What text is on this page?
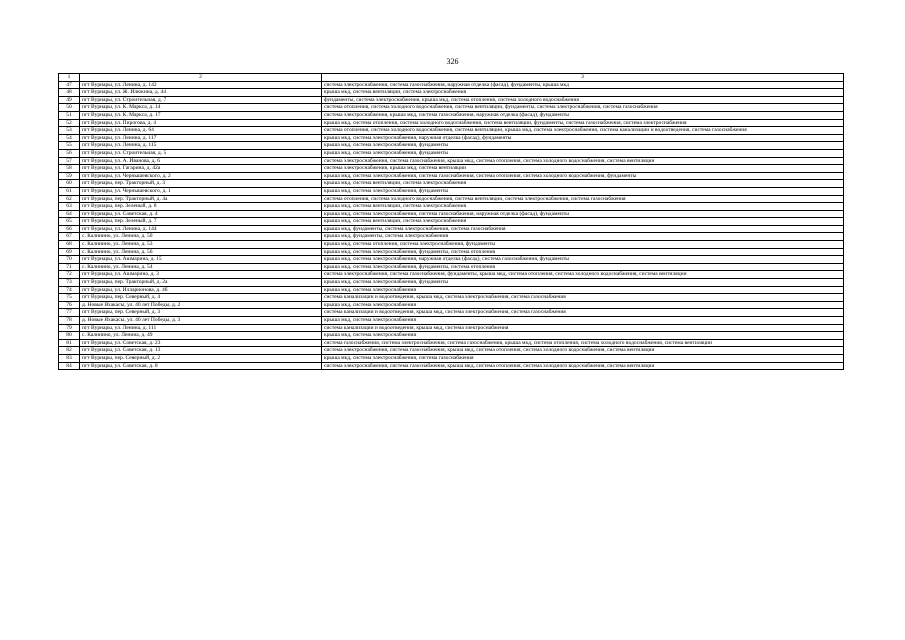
326
1	2	3
47	пгт Вурнары, ул. Ленина, д. 142	система электроснабжения, система газоснабжения, наружная отделка (фасад), фундаменты, крыша мкд
48	пгт Вурнары, ул. Ж. Илюкина, д. 44	крыша мкд, система вентиляции, система электроснабжения
49	пгт Вурнары, ул. Строительная, д. 7	фундаменты, система электроснабжения, крыша мкд, система отопления, система холодного водоснабжения
50	пгт Вурнары, ул. К. Маркса, д. 14	система отопления, система холодного водоснабжения, система вентиляции, фундаменты, система электроснабжения, система газоснабжения
51	пгт Вурнары, ул. К. Маркса, д. 17	система электроснабжения, крыша мкд, система газоснабжения, наружная отделка (фасад), фундаменты
52	пгт Вурнары, ул. Пирогова, д. 4	крыша мкд, система отопления, система холодного водоснабжения, система вентиляции, фундаменты, система газоснабжения, система электроснабжения
53	пгт Вурнары, ул. Ленина, д. 64	система отопления, система холодного водоснабжения, система вентиляции, крыша мкд, система электроснабжения, система канализации и водоотведения, система газоснабжения
54	пгт Вурнары, ул. Ленина, д. 117	крыша мкд, система электроснабжения, наружная отделка (фасад), фундаменты
55	пгт Вурнары, ул. Ленина, д. 115	крыша мкд, система электроснабжения, фундаменты
56	пгт Вурнары, ул. Строительная, д. 5	крыша мкд, система электроснабжения, фундаменты
57	пгт Вурнары, ул. А. Иванова, д. 6	система электроснабжения, система газоснабжения, крыша мкд, система отопления, система холодного водоснабжения, система вентиляции
58	пгт Вурнары, ул. Гагарина, д. 42а	система электроснабжения, крыша мкд, система вентиляции
59	пгт Вурнары, ул. Чернышевского, д. 2	крыша мкд, система электроснабжения, система газоснабжения, система отопления, система холодного водоснабжения, фундаменты
60	пгт Вурнары, пер. Тракторный, д. 3	крыша мкд, система вентиляции, система электроснабжения
61	пгт Вурнары, ул. Чернышевского, д. 1	крыша мкд, система электроснабжения, фундаменты
62	пгт Вурнары, пер. Тракторный, д. 4а	система отопления, система холодного водоснабжения, система вентиляции, система электроснабжения, система газоснабжения
63	пгт Вурнары, пер. Зеленый, д. 8	крыша мкд, система вентиляции, система электроснабжения
64	пгт Вурнары, ул. Советская, д. 4	крыша мкд, система электроснабжения, система газоснабжения, наружная отделка (фасад), фундаменты
65	пгт Вурнары, пер. Зеленый, д. 7	крыша мкд, система вентиляции, система электроснабжения
66	пгт Вурнары, ул. Ленина, д. 144	крыша мкд, фундаменты, система электроснабжения, система газоснабжения
67	с. Калинино, ул. Ленина, д. 50	крыша мкд, фундаменты, система электроснабжения
68	с. Калинино, ул. Ленина, д. 53	крыша мкд, система отопления, система электроснабжения, фундаменты
69	с. Калинино, ул. Ленина, д. 56	крыша мкд, система электроснабжения, фундаменты, система отопления
70	пгт Вурнары, ул. Ашмарина, д. 15	крыша мкд, система электроснабжения, наружная отделка (фасад), система газоснабжения, фундаменты
71	с. Калинино, ул. Ленина, д. 54	крыша мкд, система электроснабжения, фундаменты, система отопления
72	пгт Вурнары, ул. Ашмарина, д. 3	система электроснабжения, система газоснабжения, фундаменты, крыша мкд, система отопления, система холодного водоснабжения, система вентиляции
73	пгт Вурнары, пер. Тракторный, д. 2а	крыша мкд, система электроснабжения, фундаменты
74	пгт Вурнары, ул. Илларионова, д. 4б	крыша мкд, система электроснабжения
75	пгт Вурнары, пер. Северный, д. 4	система канализации и водоотведения, крыша мкд, система электроснабжения, система газоснабжения
76	д. Новые Яхакасы, ул. 40 лет Победы, д. 2	крыша мкд, система электроснабжения
77	пгт Вурнары, пер. Северный, д. 3	система канализации и водоотведения, крыша мкд, система электроснабжения, система газоснабжения
78	д. Новые Яхакасы, ул. 40 лет Победы, д. 3	крыша мкд, система электроснабжения
79	пгт Вурнары, ул. Ленина, д. 111	система канализации и водоотведения, крыша мкд, система электроснабжения
80	с. Калинино, ул. Ленина, д. 49	крыша мкд, система электроснабжения
81	пгт Вурнары, ул. Советская, д. 23	система газоснабжения, система электроснабжения, система газоснабжения, крыша мкд, система отопления, система холодного водоснабжения, система вентиляции
82	пгт Вурнары, ул. Советская, д. 13	система электроснабжения, система газоснабжения, крыша мкд, система отопления, система холодного водоснабжения, система вентиляции
83	пгт Вурнары, пер. Северный, д. 2	крыша мкд, система электроснабжения, система газоснабжения
84	пгт Вурнары, ул. Советская, д. 8	система электроснабжения, система газоснабжения, крыша мкд, система отопления, система холодного водоснабжения, система вентиляции
